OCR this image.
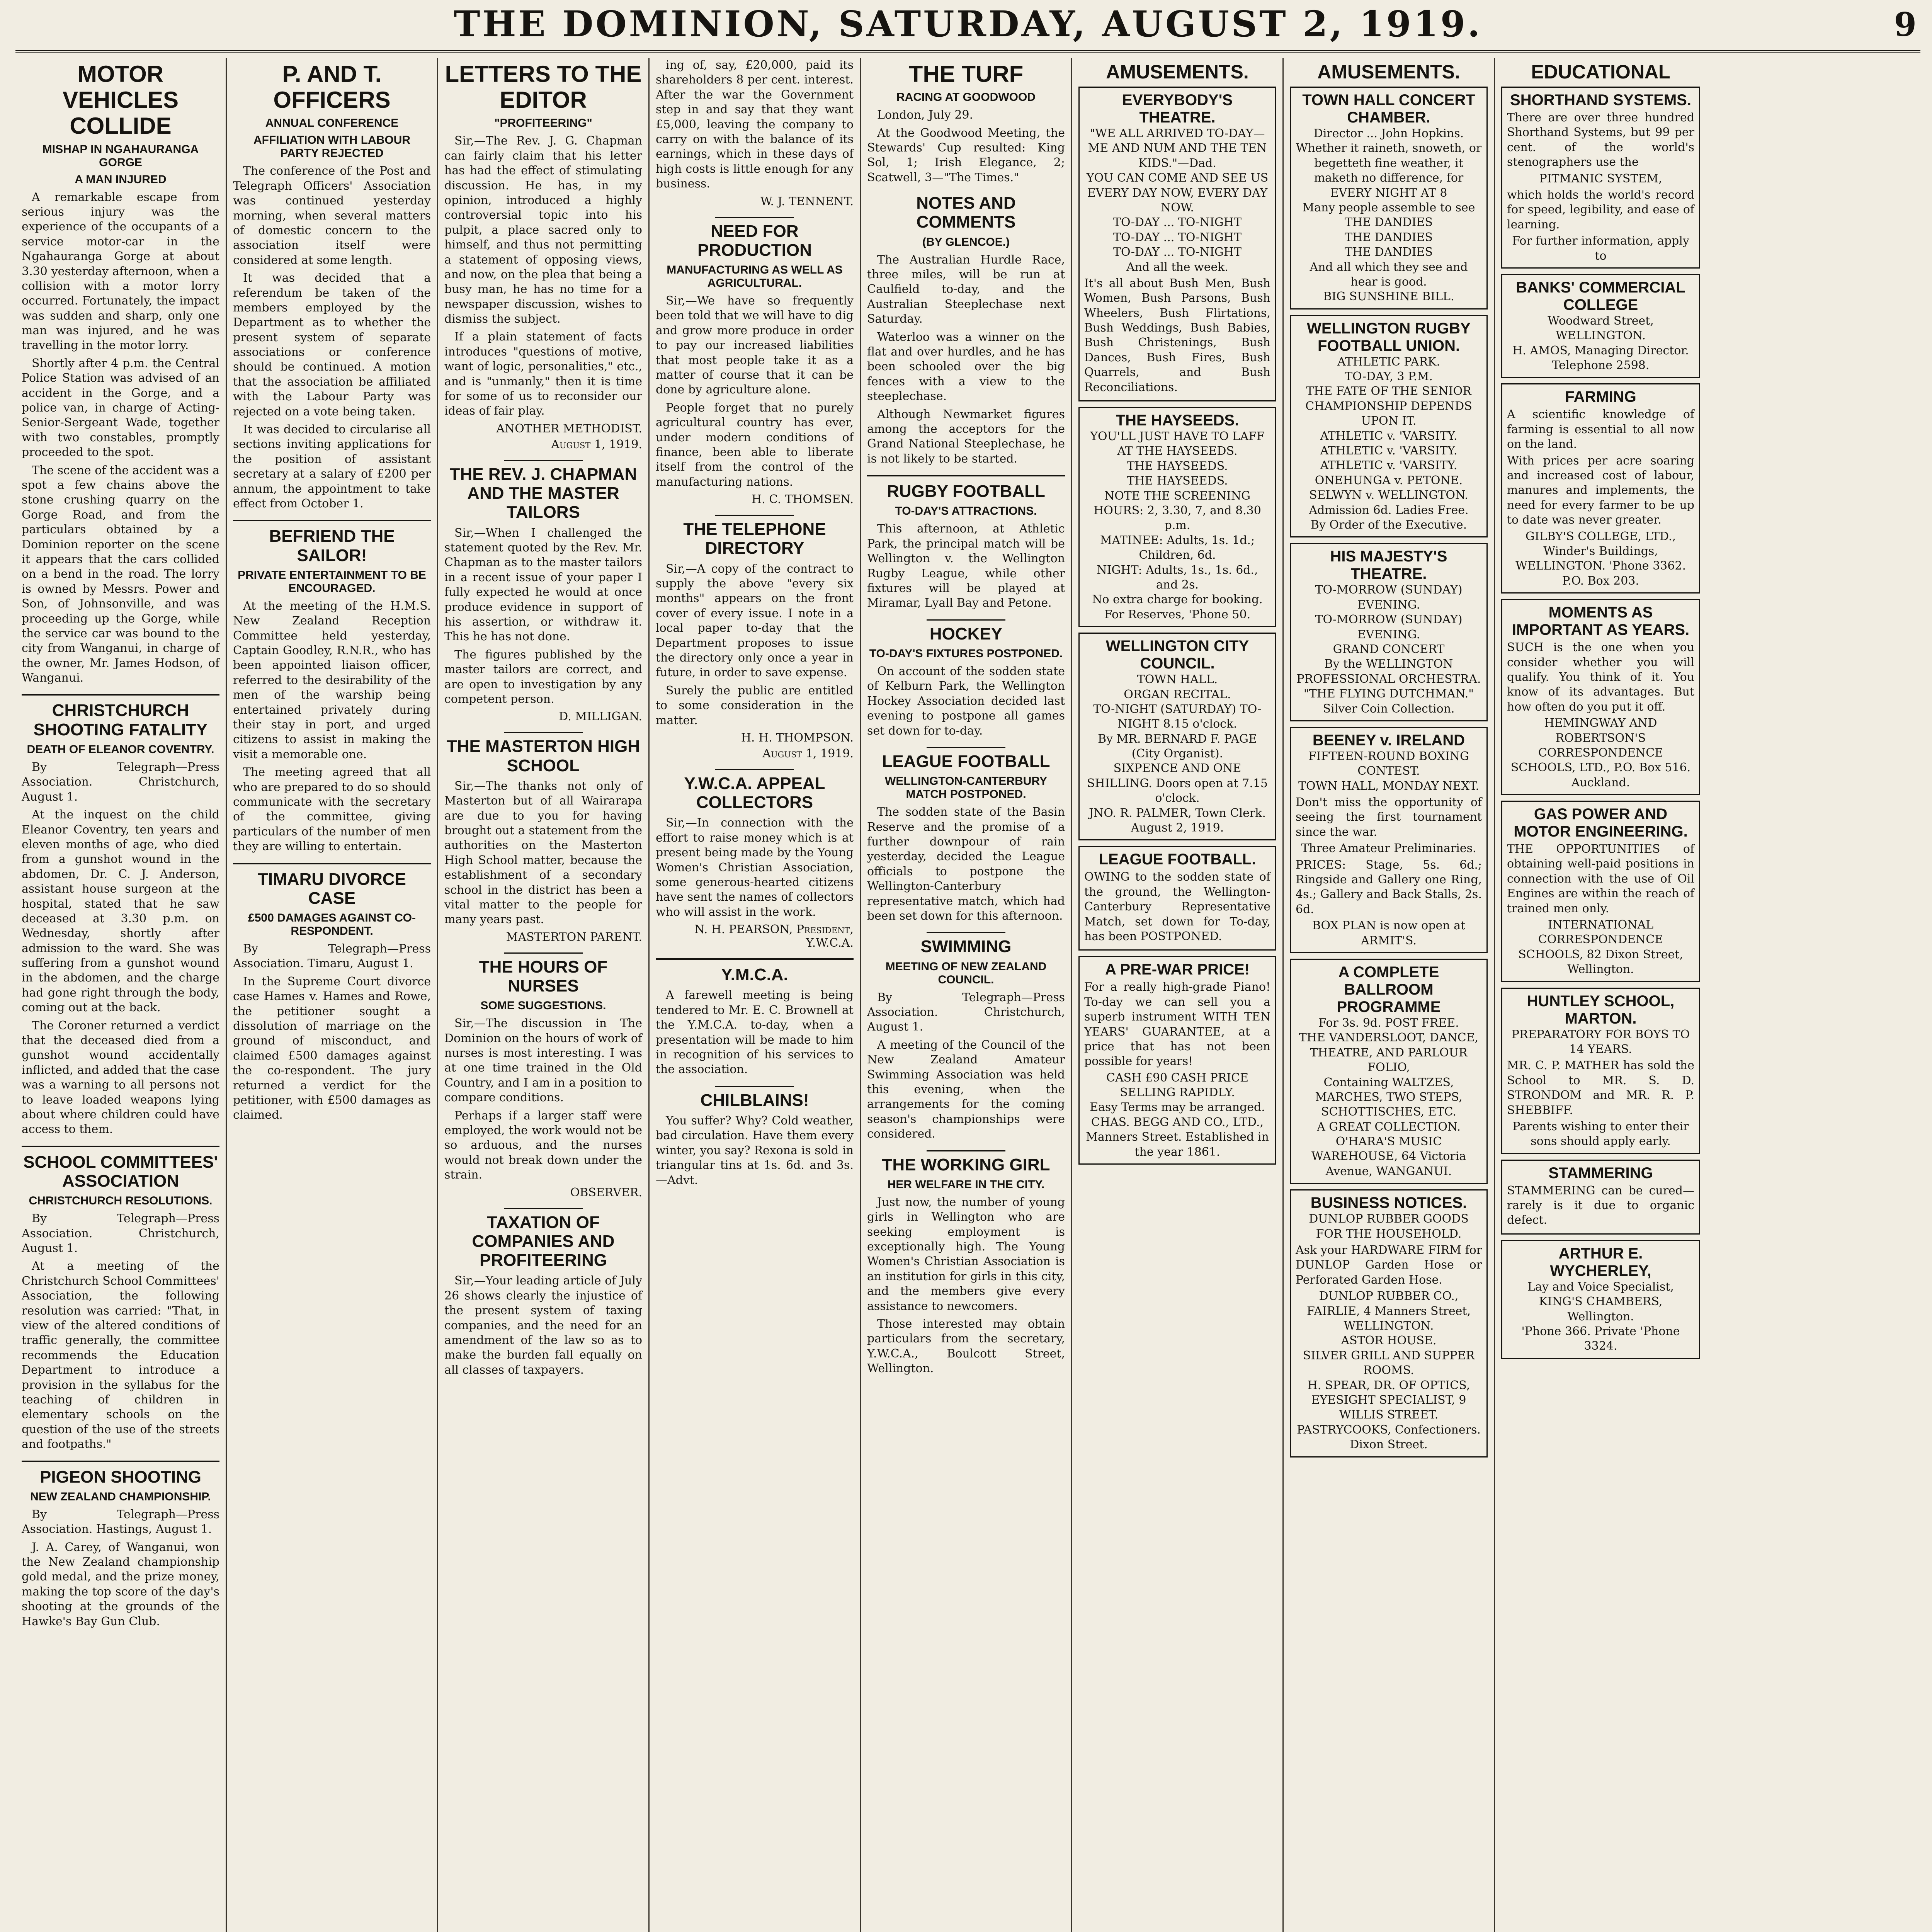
THE DOMINION, SATURDAY, AUGUST 2, 1919.	9
MOTOR VEHICLES COLLIDE
MISHAP IN NGAHAURANGA GORGE
A MAN INJURED

A remarkable escape from serious injury was the experience of the occupants of a service motor-car in the Ngahauranga Gorge at about 3.30 yesterday afternoon, when a collision with a motor lorry occurred. Fortunately, the impact was sudden and sharp, only one man was injured, and he was travelling in the motor lorry.

Shortly after 4 p.m. the Central Police Station was advised of an accident in the Gorge, and a police van, in charge of Acting-Senior-Sergeant Wade, together with two constables, promptly proceeded to the spot.

The scene of the accident was a spot a few chains above the stone crushing quarry on the Gorge Road, and from the particulars obtained by a Dominion reporter on the scene it appears that the cars collided on a bend in the road. The lorry is owned by Messrs. Power and Son, of Johnsonville, and was proceeding up the Gorge, while the service car was bound to the city from Wanganui, in charge of the owner, Mr. James Hodson, of Wanganui.

CHRISTCHURCH SHOOTING FATALITY
DEATH OF ELEANOR COVENTRY.

By Telegraph—Press Association. Christchurch, August 1.

At the inquest on the child Eleanor Coventry, ten years and eleven months of age, who died from a gunshot wound in the abdomen, Dr. C. J. Anderson, assistant house surgeon at the hospital, stated that he saw deceased at 3.30 p.m. on Wednesday, shortly after admission to the ward. She was suffering from a gunshot wound in the abdomen, and the charge had gone right through the body, coming out at the back.

The Coroner returned a verdict that the deceased died from a gunshot wound accidentally inflicted, and added that the case was a warning to all persons not to leave loaded weapons lying about where children could have access to them.

SCHOOL COMMITTEES' ASSOCIATION
CHRISTCHURCH RESOLUTIONS.

By Telegraph—Press Association. Christchurch, August 1.

At a meeting of the Christchurch School Committees' Association, the following resolution was carried: "That, in view of the altered conditions of traffic generally, the committee recommends the Education Department to introduce a provision in the syllabus for the teaching of children in elementary schools on the question of the use of the streets and footpaths."

PIGEON SHOOTING
NEW ZEALAND CHAMPIONSHIP.

By Telegraph—Press Association. Hastings, August 1.

J. A. Carey, of Wanganui, won the New Zealand championship gold medal, and the prize money, making the top score of the day's shooting at the grounds of the Hawke's Bay Gun Club.

P. AND T. OFFICERS
ANNUAL CONFERENCE
AFFILIATION WITH LABOUR PARTY REJECTED

The conference of the Post and Telegraph Officers' Association was continued yesterday morning, when several matters of domestic concern to the association itself were considered at some length.

It was decided that a referendum be taken of the members employed by the Department as to whether the present system of separate associations or conference should be continued. A motion that the association be affiliated with the Labour Party was rejected on a vote being taken.

It was decided to circularise all sections inviting applications for the position of assistant secretary at a salary of £200 per annum, the appointment to take effect from October 1.

BEFRIEND THE SAILOR!
PRIVATE ENTERTAINMENT TO BE ENCOURAGED.

At the meeting of the H.M.S. New Zealand Reception Committee held yesterday, Captain Goodley, R.N.R., who has been appointed liaison officer, referred to the desirability of the men of the warship being entertained privately during their stay in port, and urged citizens to assist in making the visit a memorable one.

The meeting agreed that all who are prepared to do so should communicate with the secretary of the committee, giving particulars of the number of men they are willing to entertain.

TIMARU DIVORCE CASE
£500 DAMAGES AGAINST CO-RESPONDENT.

By Telegraph—Press Association. Timaru, August 1.

In the Supreme Court divorce case Hames v. Hames and Rowe, the petitioner sought a dissolution of marriage on the ground of misconduct, and claimed £500 damages against the co-respondent. The jury returned a verdict for the petitioner, with £500 damages as claimed.

LETTERS TO THE EDITOR
"PROFITEERING"

Sir,—The Rev. J. G. Chapman can fairly claim that his letter has had the effect of stimulating discussion. He has, in my opinion, introduced a highly controversial topic into his pulpit, a place sacred only to himself, and thus not permitting a statement of opposing views, and now, on the plea that being a busy man, he has no time for a newspaper discussion, wishes to dismiss the subject.

If a plain statement of facts introduces "questions of motive, want of logic, personalities," etc., and is "unmanly," then it is time for some of us to reconsider our ideas of fair play.

ANOTHER METHODIST.
August 1, 1919.
THE REV. J. CHAPMAN AND THE MASTER TAILORS

Sir,—When I challenged the statement quoted by the Rev. Mr. Chapman as to the master tailors in a recent issue of your paper I fully expected he would at once produce evidence in support of his assertion, or withdraw it. This he has not done.

The figures published by the master tailors are correct, and are open to investigation by any competent person.

D. MILLIGAN.
THE MASTERTON HIGH SCHOOL

Sir,—The thanks not only of Masterton but of all Wairarapa are due to you for having brought out a statement from the authorities on the Masterton High School matter, because the establishment of a secondary school in the district has been a vital matter to the people for many years past.

MASTERTON PARENT.
THE HOURS OF NURSES
SOME SUGGESTIONS.

Sir,—The discussion in The Dominion on the hours of work of nurses is most interesting. I was at one time trained in the Old Country, and I am in a position to compare conditions.

Perhaps if a larger staff were employed, the work would not be so arduous, and the nurses would not break down under the strain.

OBSERVER.
TAXATION OF COMPANIES AND PROFITEERING

Sir,—Your leading article of July 26 shows clearly the injustice of the present system of taxing companies, and the need for an amendment of the law so as to make the burden fall equally on all classes of taxpayers.

ing of, say, £20,000, paid its shareholders 8 per cent. interest. After the war the Government step in and say that they want £5,000, leaving the company to carry on with the balance of its earnings, which in these days of high costs is little enough for any business.

W. J. TENNENT.
NEED FOR PRODUCTION
MANUFACTURING AS WELL AS AGRICULTURAL.

Sir,—We have so frequently been told that we will have to dig and grow more produce in order to pay our increased liabilities that most people take it as a matter of course that it can be done by agriculture alone.

People forget that no purely agricultural country has ever, under modern conditions of finance, been able to liberate itself from the control of the manufacturing nations.

H. C. THOMSEN.
THE TELEPHONE DIRECTORY

Sir,—A copy of the contract to supply the above "every six months" appears on the front cover of every issue. I note in a local paper to-day that the Department proposes to issue the directory only once a year in future, in order to save expense.

Surely the public are entitled to some consideration in the matter.

H. H. THOMPSON.
August 1, 1919.
Y.W.C.A. APPEAL COLLECTORS

Sir,—In connection with the effort to raise money which is at present being made by the Young Women's Christian Association, some generous-hearted citizens have sent the names of collectors who will assist in the work.

N. H. PEARSON, President, Y.W.C.A.
Y.M.C.A.

A farewell meeting is being tendered to Mr. E. C. Brownell at the Y.M.C.A. to-day, when a presentation will be made to him in recognition of his services to the association.

CHILBLAINS!

You suffer? Why? Cold weather, bad circulation. Have them every winter, you say? Rexona is sold in triangular tins at 1s. 6d. and 3s.—Advt.

THE TURF
RACING AT GOODWOOD

London, July 29.

At the Goodwood Meeting, the Stewards' Cup resulted: King Sol, 1; Irish Elegance, 2; Scatwell, 3—"The Times."

NOTES AND COMMENTS
(BY GLENCOE.)

The Australian Hurdle Race, three miles, will be run at Caulfield to-day, and the Australian Steeplechase next Saturday.

Waterloo was a winner on the flat and over hurdles, and he has been schooled over the big fences with a view to the steeplechase.

Although Newmarket figures among the acceptors for the Grand National Steeplechase, he is not likely to be started.

RUGBY FOOTBALL
TO-DAY'S ATTRACTIONS.

This afternoon, at Athletic Park, the principal match will be Wellington v. the Wellington Rugby League, while other fixtures will be played at Miramar, Lyall Bay and Petone.

HOCKEY
TO-DAY'S FIXTURES POSTPONED.

On account of the sodden state of Kelburn Park, the Wellington Hockey Association decided last evening to postpone all games set down for to-day.

LEAGUE FOOTBALL
WELLINGTON-CANTERBURY MATCH POSTPONED.

The sodden state of the Basin Reserve and the promise of a further downpour of rain yesterday, decided the League officials to postpone the Wellington-Canterbury representative match, which had been set down for this afternoon.

SWIMMING
MEETING OF NEW ZEALAND COUNCIL.

By Telegraph—Press Association. Christchurch, August 1.

A meeting of the Council of the New Zealand Amateur Swimming Association was held this evening, when the arrangements for the coming season's championships were considered.

THE WORKING GIRL
HER WELFARE IN THE CITY.

Just now, the number of young girls in Wellington who are seeking employment is exceptionally high. The Young Women's Christian Association is an institution for girls in this city, and the members give every assistance to newcomers.

Those interested may obtain particulars from the secretary, Y.W.C.A., Boulcott Street, Wellington.

AMUSEMENTS.
EVERYBODY'S THEATRE.

"WE ALL ARRIVED TO-DAY—ME AND NUM AND THE TEN KIDS."—Dad.

YOU CAN COME AND SEE US EVERY DAY NOW, EVERY DAY NOW.

TO-DAY ... TO-NIGHT

TO-DAY ... TO-NIGHT

TO-DAY ... TO-NIGHT

And all the week.

It's all about Bush Men, Bush Women, Bush Parsons, Bush Wheelers, Bush Flirtations, Bush Weddings, Bush Babies, Bush Christenings, Bush Dances, Bush Fires, Bush Quarrels, and Bush Reconciliations.

THE HAYSEEDS.

YOU'LL JUST HAVE TO LAFF AT THE HAYSEEDS.

THE HAYSEEDS.

THE HAYSEEDS.

NOTE THE SCREENING HOURS: 2, 3.30, 7, and 8.30 p.m.

MATINEE: Adults, 1s. 1d.; Children, 6d.

NIGHT: Adults, 1s., 1s. 6d., and 2s.

No extra charge for booking. For Reserves, 'Phone 50.

WELLINGTON CITY COUNCIL.

TOWN HALL.

ORGAN RECITAL.

TO-NIGHT (SATURDAY) TO-NIGHT 8.15 o'clock.

By MR. BERNARD F. PAGE (City Organist).

SIXPENCE AND ONE SHILLING. Doors open at 7.15 o'clock.

JNO. R. PALMER, Town Clerk.

August 2, 1919.

LEAGUE FOOTBALL.

OWING to the sodden state of the ground, the Wellington-Canterbury Representative Match, set down for To-day, has been POSTPONED.

A PRE-WAR PRICE!

For a really high-grade Piano! To-day we can sell you a superb instrument WITH TEN YEARS' GUARANTEE, at a price that has not been possible for years!

CASH £90 CASH PRICE

SELLING RAPIDLY.

Easy Terms may be arranged.

CHAS. BEGG AND CO., LTD., Manners Street. Established in the year 1861.

AMUSEMENTS.
TOWN HALL CONCERT CHAMBER.

Director ... John Hopkins.

Whether it raineth, snoweth, or begetteth fine weather, it maketh no difference, for

EVERY NIGHT AT 8

Many people assemble to see

THE DANDIES

THE DANDIES

THE DANDIES

And all which they see and hear is good.

BIG SUNSHINE BILL.

WELLINGTON RUGBY FOOTBALL UNION.

ATHLETIC PARK.

TO-DAY, 3 P.M.

THE FATE OF THE SENIOR CHAMPIONSHIP DEPENDS UPON IT.

ATHLETIC v. 'VARSITY.

ATHLETIC v. 'VARSITY.

ATHLETIC v. 'VARSITY.

ONEHUNGA v. PETONE.

SELWYN v. WELLINGTON.

Admission 6d. Ladies Free.

By Order of the Executive.

HIS MAJESTY'S THEATRE.

TO-MORROW (SUNDAY) EVENING.

TO-MORROW (SUNDAY) EVENING.

GRAND CONCERT

By the WELLINGTON PROFESSIONAL ORCHESTRA.

"THE FLYING DUTCHMAN."

Silver Coin Collection.

BEENEY v. IRELAND

FIFTEEN-ROUND BOXING CONTEST.

TOWN HALL, MONDAY NEXT.

Don't miss the opportunity of seeing the first tournament since the war.

Three Amateur Preliminaries.

PRICES: Stage, 5s. 6d.; Ringside and Gallery one Ring, 4s.; Gallery and Back Stalls, 2s. 6d.

BOX PLAN is now open at ARMIT'S.

A COMPLETE BALLROOM PROGRAMME

For 3s. 9d. POST FREE.

THE VANDERSLOOT, DANCE, THEATRE, AND PARLOUR FOLIO,

Containing WALTZES, MARCHES, TWO STEPS, SCHOTTISCHES, ETC.

A GREAT COLLECTION.

O'HARA'S MUSIC WAREHOUSE, 64 Victoria Avenue, WANGANUI.

BUSINESS NOTICES.

DUNLOP RUBBER GOODS FOR THE HOUSEHOLD.

Ask your HARDWARE FIRM for DUNLOP Garden Hose or Perforated Garden Hose.

DUNLOP RUBBER CO., FAIRLIE, 4 Manners Street, WELLINGTON.

ASTOR HOUSE.

SILVER GRILL AND SUPPER ROOMS.

H. SPEAR, DR. OF OPTICS, EYESIGHT SPECIALIST, 9 WILLIS STREET.

PASTRYCOOKS, Confectioners. Dixon Street.

EDUCATIONAL
SHORTHAND SYSTEMS.

There are over three hundred Shorthand Systems, but 99 per cent. of the world's stenographers use the

PITMANIC SYSTEM,

which holds the world's record for speed, legibility, and ease of learning.

For further information, apply to

BANKS' COMMERCIAL COLLEGE

Woodward Street, WELLINGTON.

H. AMOS, Managing Director.

Telephone 2598.

FARMING

A scientific knowledge of farming is essential to all now on the land.

With prices per acre soaring and increased cost of labour, manures and implements, the need for every farmer to be up to date was never greater.

GILBY'S COLLEGE, LTD., Winder's Buildings, WELLINGTON. 'Phone 3362. P.O. Box 203.

MOMENTS AS IMPORTANT AS YEARS.

SUCH is the one when you consider whether you will qualify. You think of it. You know of its advantages. But how often do you put it off.

HEMINGWAY AND ROBERTSON'S CORRESPONDENCE SCHOOLS, LTD., P.O. Box 516. Auckland.

GAS POWER AND MOTOR ENGINEERING.

THE OPPORTUNITIES of obtaining well-paid positions in connection with the use of Oil Engines are within the reach of trained men only.

INTERNATIONAL CORRESPONDENCE SCHOOLS, 82 Dixon Street, Wellington.

HUNTLEY SCHOOL, MARTON.

PREPARATORY FOR BOYS TO 14 YEARS.

MR. C. P. MATHER has sold the School to MR. S. D. STRONDOM and MR. R. P. SHEBBIFF.

Parents wishing to enter their sons should apply early.

STAMMERING

STAMMERING can be cured—rarely is it due to organic defect.

ARTHUR E. WYCHERLEY,

Lay and Voice Specialist, KING'S CHAMBERS, Wellington.

'Phone 366. Private 'Phone 3324.
